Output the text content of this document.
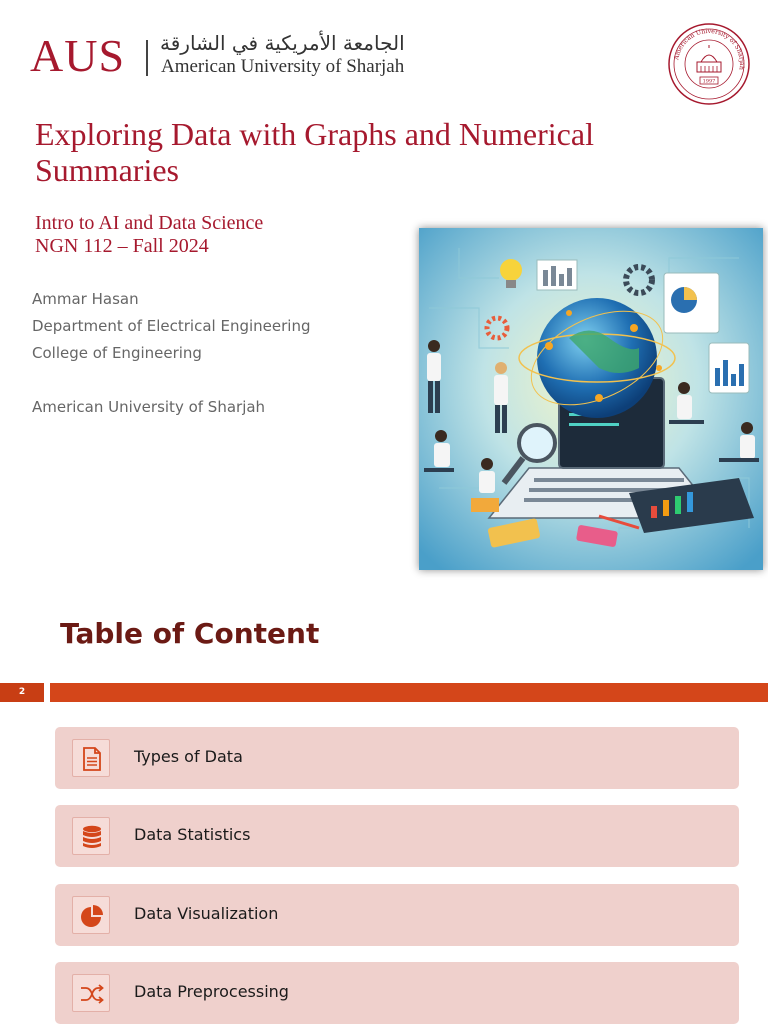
AUS الجامعة الأمريكية في الشارقة
American University of Sharjah	American University of Sharjah
1997
Exploring Data with Graphs and Numerical Summaries
Intro to AI and Data Science
NGN 112 – Fall 2024
Ammar Hasan
Department of Electrical Engineering
College of Engineering
American University of Sharjah
Table of Content
2
Types of Data
Data Statistics
Data Visualization
Data Preprocessing
